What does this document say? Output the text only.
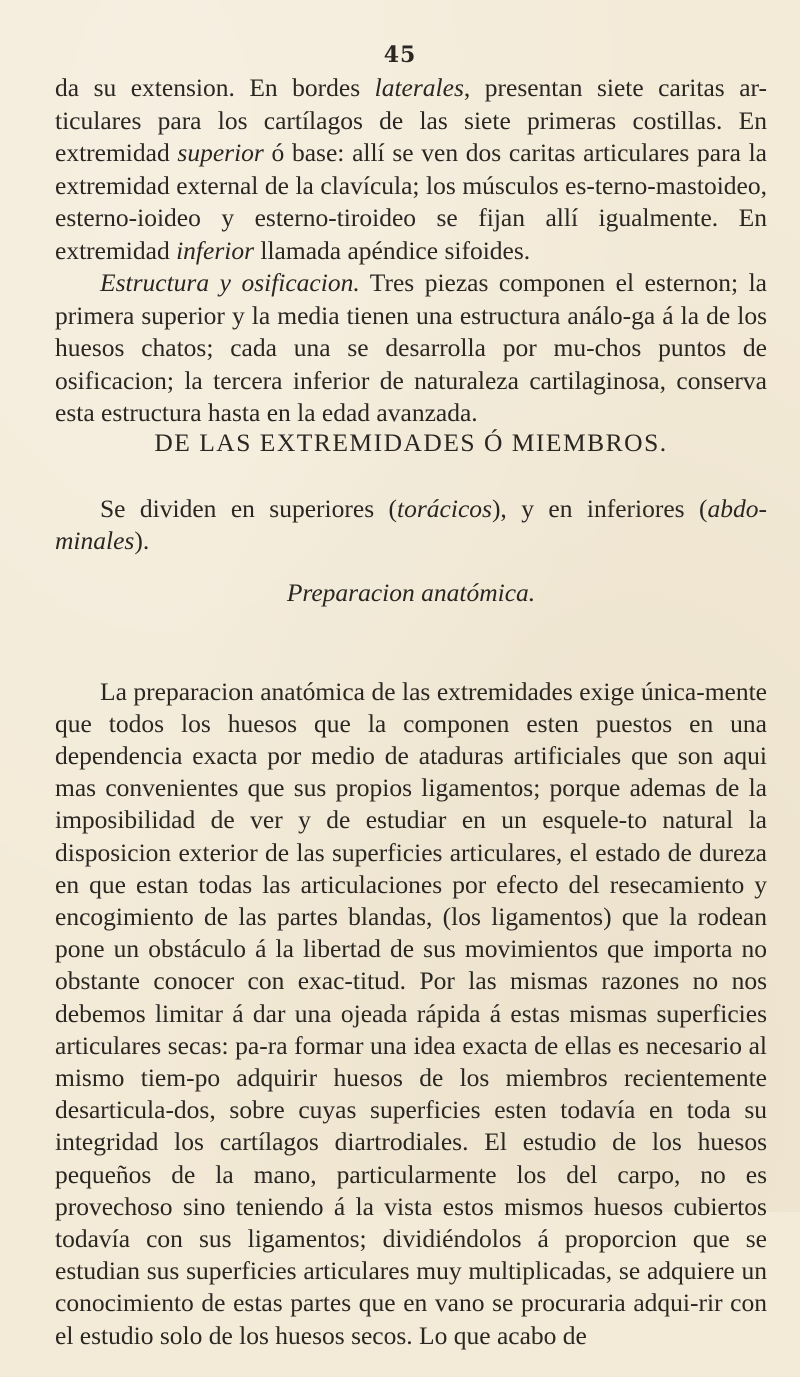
45

da su extension. En bordes laterales, presentan siete caritas ar-ticulares para los cartílagos de las siete primeras costillas. En extremidad superior ó base: allí se ven dos caritas articulares para la extremidad external de la clavícula; los músculos es-terno-mastoideo, esterno-ioideo y esterno-tiroideo se fijan allí igualmente. En extremidad inferior llamada apéndice sifoides.

Estructura y osificacion. Tres piezas componen el esternon; la primera superior y la media tienen una estructura análo-ga á la de los huesos chatos; cada una se desarrolla por mu-chos puntos de osificacion; la tercera inferior de naturaleza cartilaginosa, conserva esta estructura hasta en la edad avanzada.

DE LAS EXTREMIDADES Ó MIEMBROS.

Se dividen en superiores (torácicos), y en inferiores (abdo-minales).

Preparacion anatómica.

La preparacion anatómica de las extremidades exige única-mente que todos los huesos que la componen esten puestos en una dependencia exacta por medio de ataduras artificiales que son aqui mas convenientes que sus propios ligamentos; porque ademas de la imposibilidad de ver y de estudiar en un esquele-to natural la disposicion exterior de las superficies articulares, el estado de dureza en que estan todas las articulaciones por efecto del resecamiento y encogimiento de las partes blandas, (los ligamentos) que la rodean pone un obstáculo á la libertad de sus movimientos que importa no obstante conocer con exac-titud. Por las mismas razones no nos debemos limitar á dar una ojeada rápida á estas mismas superficies articulares secas: pa-ra formar una idea exacta de ellas es necesario al mismo tiem-po adquirir huesos de los miembros recientemente desarticula-dos, sobre cuyas superficies esten todavía en toda su integridad los cartílagos diartrodiales. El estudio de los huesos pequeños de la mano, particularmente los del carpo, no es provechoso sino teniendo á la vista estos mismos huesos cubiertos todavía con sus ligamentos; dividiéndolos á proporcion que se estudian sus superficies articulares muy multiplicadas, se adquiere un conocimiento de estas partes que en vano se procuraria adqui-rir con el estudio solo de los huesos secos. Lo que acabo de
